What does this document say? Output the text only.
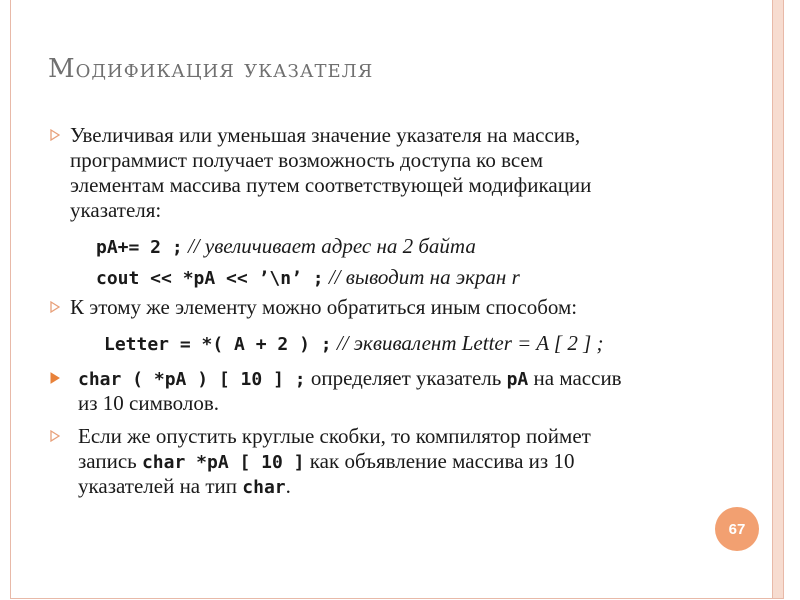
Модификация указателя
Увеличивая или уменьшая значение указателя на массив,
программист получает возможность доступа ко всем
элементам массива путем соответствующей модификации
указателя:
pA+= 2 ; // увеличивает адрес на 2 байта
cout << *pA << ’\n’ ; // выводит на экран r
К этому же элементу можно обратиться иным способом:
Letter = *( A + 2 ) ; // эквивалент Letter = A [ 2 ] ;
char ( *pA ) [ 10 ] ; определяет указатель pA на массив
из 10 символов.
Если же опустить круглые скобки, то компилятор поймет
запись char *pA [ 10 ] как объявление массива из 10
указателей на тип char.
67
